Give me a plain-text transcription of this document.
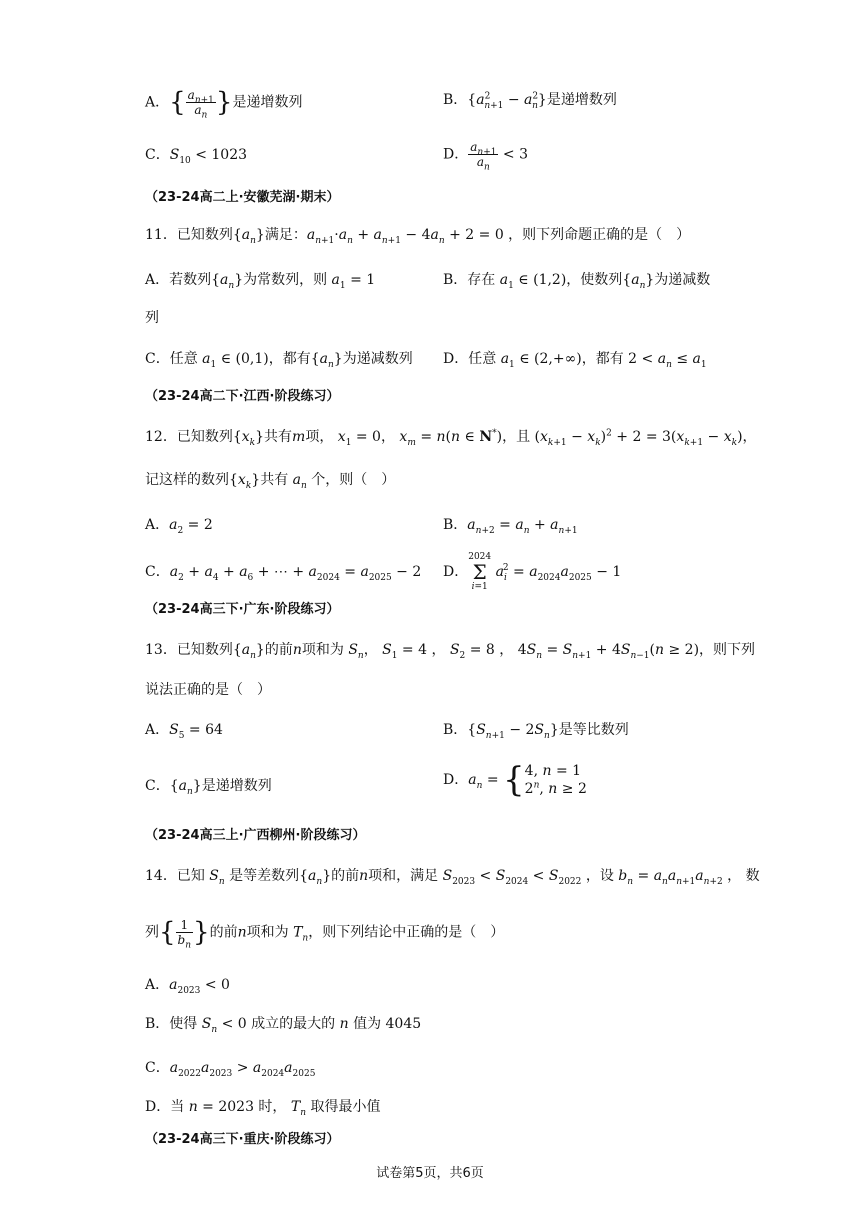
A．{ $\frac{a_{n+1}}{a_n}$ }是递增数列	B．$\{a^2_{n+1} - a^2_n\}$是递增数列
C．$S_{10} < 1023$	D． $\frac{a_{n+1}}{a_n} < 3$
（23-24高二上·安徽芜湖·期末）
11．已知数列$\{a_n\}$满足：$a_{n+1}\cdot a_n + a_{n+1} - 4a_n + 2 = 0$ ，则下列命题正确的是（　）
A．若数列$\{a_n\}$为常数列，则 $a_1 = 1$	B．存在 $a_1$ ∈ (1,2)，使数列$\{a_n\}$为递减数
列
C．任意 $a_1$ ∈ (0,1)，都有$\{a_n\}$为递减数列 D．任意 $a_1$ ∈ (2,+∞)，都有 $2 < a_n \le a_1$
（23-24高二下·江西·阶段练习）
12．已知数列$\{x_k\}$共有m项， $x_1 = 0$， $x_m = n(n$ ∈ N*)，且 $(x_{k+1} - x_k)^2 + 2 = 3(x_{k+1} - x_k)$，
记这样的数列$\{x_k\}$共有 $a_n$ 个，则（　）
A．$a_2 = 2$	B．$a_{n+2} = a_n + a_{n+1}$
C．$a_2 + a_4 + a_6$ + ⋯ + $a_{2024} = a_{2025} - 2$ D．
2024
Σ
i=1
$a_i^2 = a_{2024}a_{2025} - 1$
（23-24高三下·广东·阶段练习）
13．已知数列$\{a_n\}$的前n项和为 $S_n$， $S_1 = 4$ ， $S_2 = 8$ ， $4S_n = S_{n+1} + 4S_{n-1}(n \ge 2)$，则下列
说法正确的是（　）
A．$S_5 = 64$	B．$\{S_{n+1} - 2S_n\}$是等比数列
C．$\{a_n\}$是递增数列	D．$a_n = \{4$, n = 1
2$^n$, n ≥ 2
（23-24高三上·广西柳州·阶段练习）
14．已知 $S_n$ 是等差数列$\{a_n\}$的前n项和，满足 $S_{2023} < S_{2024} < S_{2022}$ ，设 $b_n = a_na_{n+1}a_{n+2}$ ， 数
列{ $\frac{1}{b_n}$ }的前n项和为 $T_n$，则下列结论中正确的是（　）
A．$a_{2023} < 0$
B．使得 $S_n < 0$ 成立的最大的 n 值为 4045
C．$a_{2022}a_{2023} > a_{2024}a_{2025}$
D．当 n = 2023 时， $T_n$ 取得最小值
（23-24高三下·重庆·阶段练习）
试卷第5页，共6页
